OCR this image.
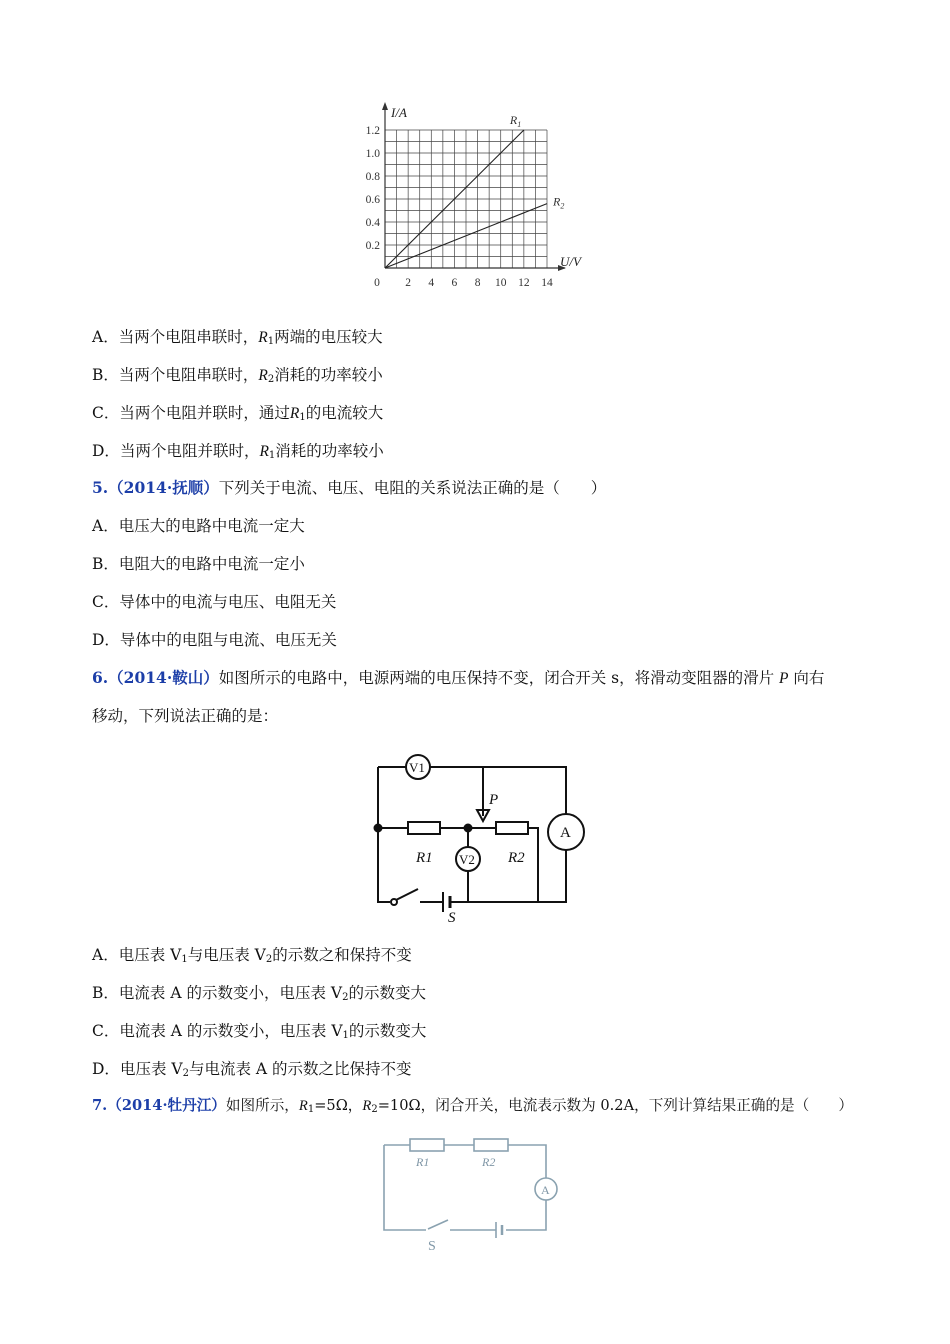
I/A
U/V
0.2
0.4
0.6
0.8
1.0
1.2
0 2 4 6 8 10 12 14
$R_1$
$R_2$
A．当两个电阻串联时，$R_1$两端的电压较大
B．当两个电阻串联时，$R_2$消耗的功率较小
C．当两个电阻并联时，通过$R_1$的电流较大
D．当两个电阻并联时，$R_1$消耗的功率较小
5.（2014·抚顺）下列关于电流、电压、电阻的关系说法正确的是（　　）
A．电压大的电路中电流一定大
B．电阻大的电路中电流一定小
C．导体中的电流与电压、电阻无关
D．导体中的电阻与电流、电压无关
6.（2014·鞍山）如图所示的电路中，电源两端的电压保持不变，闭合开关 s，将滑动变阻器的滑片 P 向右
移动，下列说法正确的是：
V1
V2
A
R1	R2
P
S
A．电压表 $V_1$与电压表 $V_2$的示数之和保持不变
B．电流表 A 的示数变小，电压表 $V_2$的示数变大
C．电流表 A 的示数变小，电压表 $V_1$的示数变大
D．电压表 $V_2$与电流表 A 的示数之比保持不变
7.（2014·牡丹江）如图所示，$R_1=5\Omega$，$R_2=10\Omega$，闭合开关，电流表示数为 0.2A，下列计算结果正确的是（　　）
R1	R2
A
S
